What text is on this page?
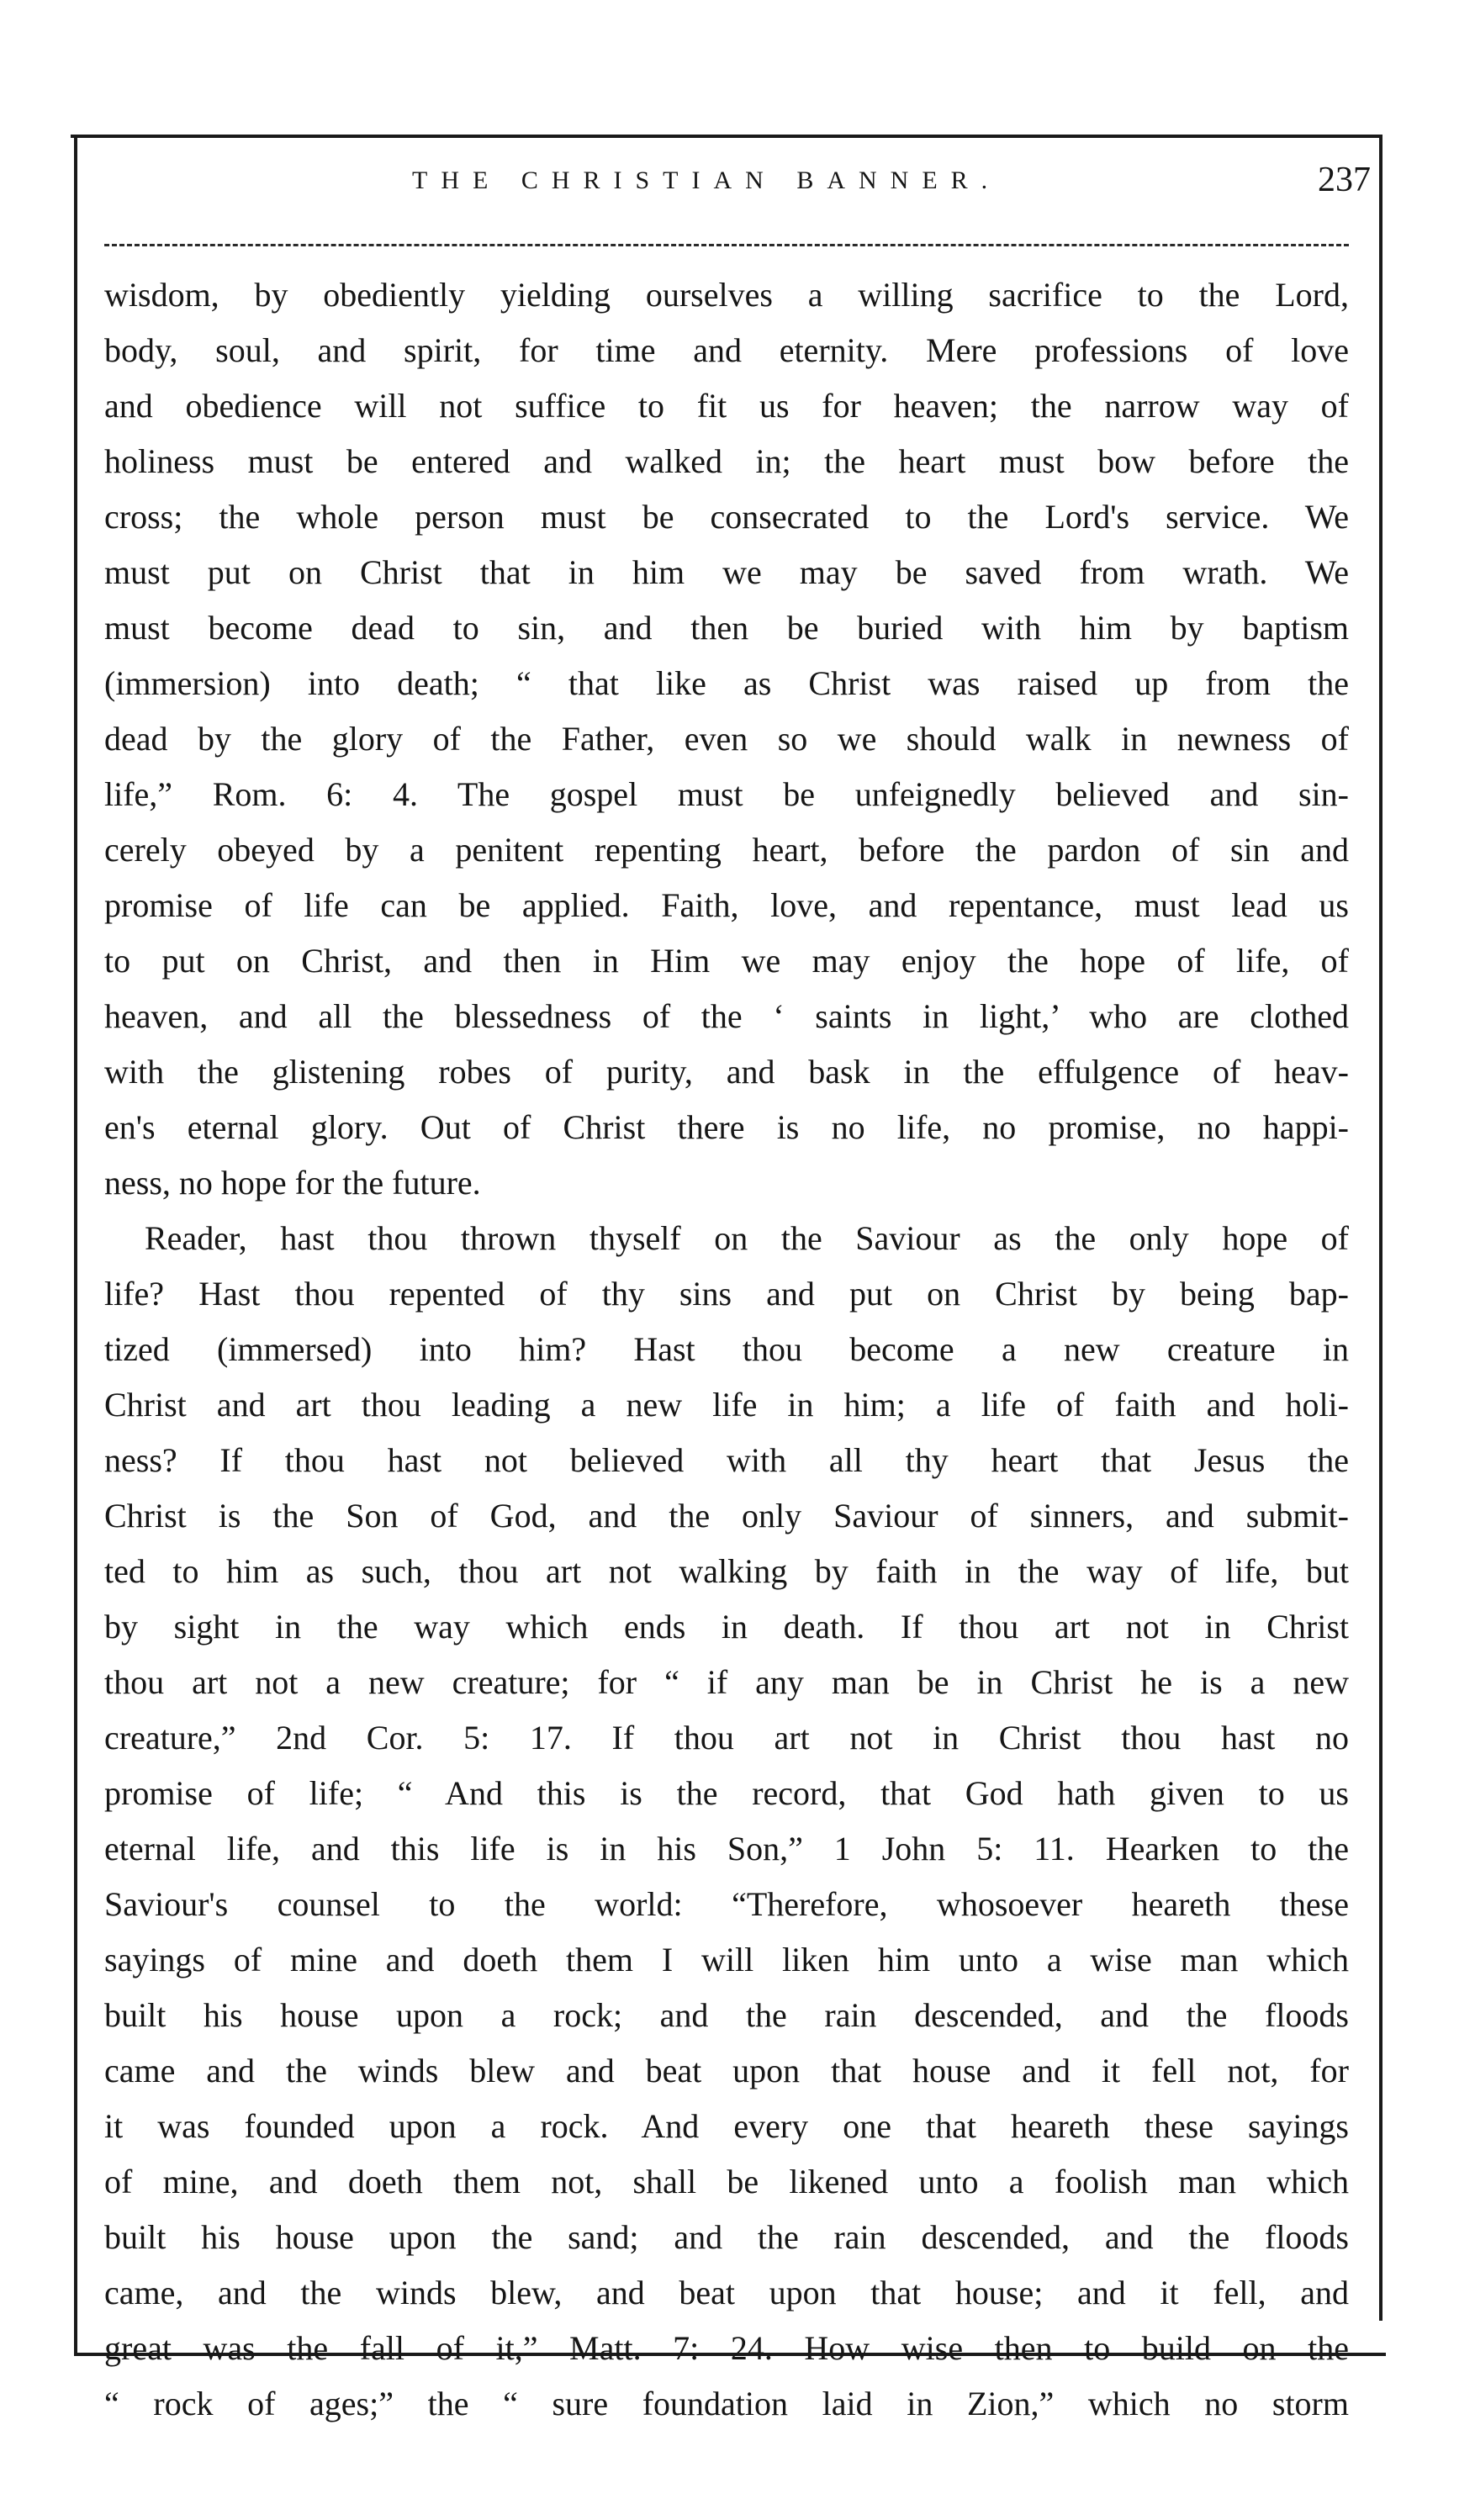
THE CHRISTIAN BANNER.	237
wisdom, by obediently yielding ourselves a willing sacrifice to the Lord,
body, soul, and spirit, for time and eternity. Mere professions of love
and obedience will not suffice to fit us for heaven; the narrow way of
holiness must be entered and walked in; the heart must bow before the
cross; the whole person must be consecrated to the Lord's service. We
must put on Christ that in him we may be saved from wrath. We
must become dead to sin, and then be buried with him by baptism
(immersion) into death; “ that like as Christ was raised up from the
dead by the glory of the Father, even so we should walk in newness of
life,” Rom. 6: 4. The gospel must be unfeignedly believed and sin-
cerely obeyed by a penitent repenting heart, before the pardon of sin and
promise of life can be applied. Faith, love, and repentance, must lead us
to put on Christ, and then in Him we may enjoy the hope of life, of
heaven, and all the blessedness of the ‘ saints in light,’ who are clothed
with the glistening robes of purity, and bask in the effulgence of heav-
en's eternal glory. Out of Christ there is no life, no promise, no happi-
ness, no hope for the future.
Reader, hast thou thrown thyself on the Saviour as the only hope of
life? Hast thou repented of thy sins and put on Christ by being bap-
tized (immersed) into him? Hast thou become a new creature in
Christ and art thou leading a new life in him; a life of faith and holi-
ness? If thou hast not believed with all thy heart that Jesus the
Christ is the Son of God, and the only Saviour of sinners, and submit-
ted to him as such, thou art not walking by faith in the way of life, but
by sight in the way which ends in death. If thou art not in Christ
thou art not a new creature; for “ if any man be in Christ he is a new
creature,” 2nd Cor. 5: 17. If thou art not in Christ thou hast no
promise of life; “ And this is the record, that God hath given to us
eternal life, and this life is in his Son,” 1 John 5: 11. Hearken to the
Saviour's counsel to the world: “Therefore, whosoever heareth these
sayings of mine and doeth them I will liken him unto a wise man which
built his house upon a rock; and the rain descended, and the floods
came and the winds blew and beat upon that house and it fell not, for
it was founded upon a rock. And every one that heareth these sayings
of mine, and doeth them not, shall be likened unto a foolish man which
built his house upon the sand; and the rain descended, and the floods
came, and the winds blew, and beat upon that house; and it fell, and
great was the fall of it,” Matt. 7: 24. How wise then to build on the
“ rock of ages;” the “ sure foundation laid in Zion,” which no storm
